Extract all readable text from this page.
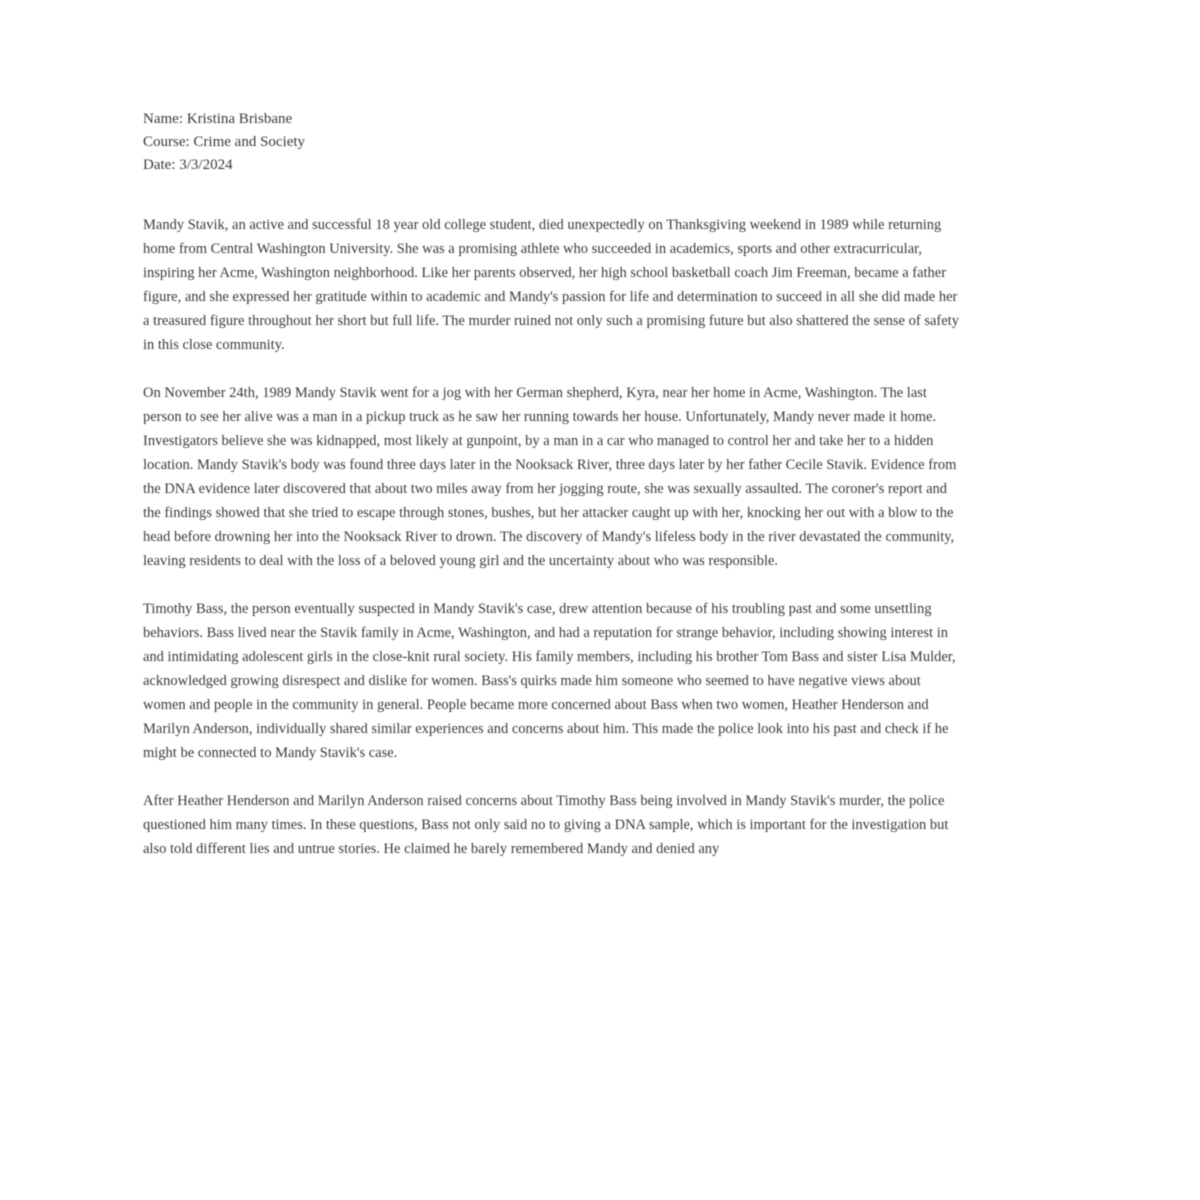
Name: Kristina Brisbane
Course: Crime and Society
Date: 3/3/2024

Mandy Stavik, an active and successful 18 year old college student, died unexpectedly on Thanksgiving weekend in 1989 while returning home from Central Washington University. She was a promising athlete who succeeded in academics, sports and other extracurricular, inspiring her Acme, Washington neighborhood. Like her parents observed, her high school basketball coach Jim Freeman, became a father figure, and she expressed her gratitude within to academic and Mandy's passion for life and determination to succeed in all she did made her a treasured figure throughout her short but full life. The murder ruined not only such a promising future but also shattered the sense of safety in this close community.

On November 24th, 1989 Mandy Stavik went for a jog with her German shepherd, Kyra, near her home in Acme, Washington. The last person to see her alive was a man in a pickup truck as he saw her running towards her house. Unfortunately, Mandy never made it home. Investigators believe she was kidnapped, most likely at gunpoint, by a man in a car who managed to control her and take her to a hidden location. Mandy Stavik's body was found three days later in the Nooksack River, three days later by her father Cecile Stavik. Evidence from the DNA evidence later discovered that about two miles away from her jogging route, she was sexually assaulted. The coroner's report and the findings showed that she tried to escape through stones, bushes, but her attacker caught up with her, knocking her out with a blow to the head before drowning her into the Nooksack River to drown. The discovery of Mandy's lifeless body in the river devastated the community, leaving residents to deal with the loss of a beloved young girl and the uncertainty about who was responsible.

Timothy Bass, the person eventually suspected in Mandy Stavik's case, drew attention because of his troubling past and some unsettling behaviors. Bass lived near the Stavik family in Acme, Washington, and had a reputation for strange behavior, including showing interest in and intimidating adolescent girls in the close-knit rural society. His family members, including his brother Tom Bass and sister Lisa Mulder, acknowledged growing disrespect and dislike for women. Bass's quirks made him someone who seemed to have negative views about women and people in the community in general. People became more concerned about Bass when two women, Heather Henderson and Marilyn Anderson, individually shared similar experiences and concerns about him. This made the police look into his past and check if he might be connected to Mandy Stavik's case.

After Heather Henderson and Marilyn Anderson raised concerns about Timothy Bass being involved in Mandy Stavik's murder, the police questioned him many times. In these questions, Bass not only said no to giving a DNA sample, which is important for the investigation but also told different lies and untrue stories. He claimed he barely remembered Mandy and denied any
